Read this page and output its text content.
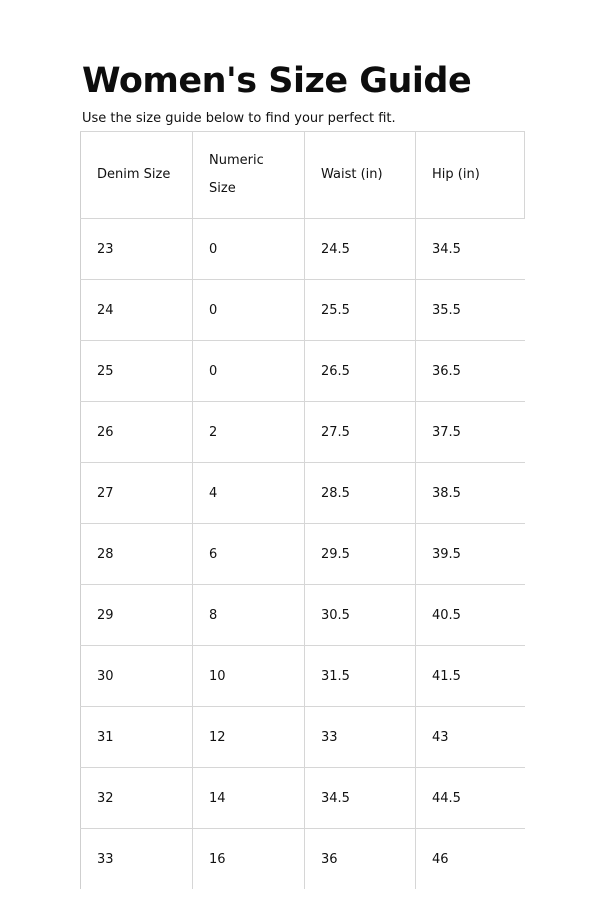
Women's Size Guide

Use the size guide below to find your perfect fit.

Denim Size	Numeric Size	Waist (in)	Hip (in)
23	0	24.5	34.5
24	0	25.5	35.5
25	0	26.5	36.5
26	2	27.5	37.5
27	4	28.5	38.5
28	6	29.5	39.5
29	8	30.5	40.5
30	10	31.5	41.5
31	12	33	43
32	14	34.5	44.5
33	16	36	46
